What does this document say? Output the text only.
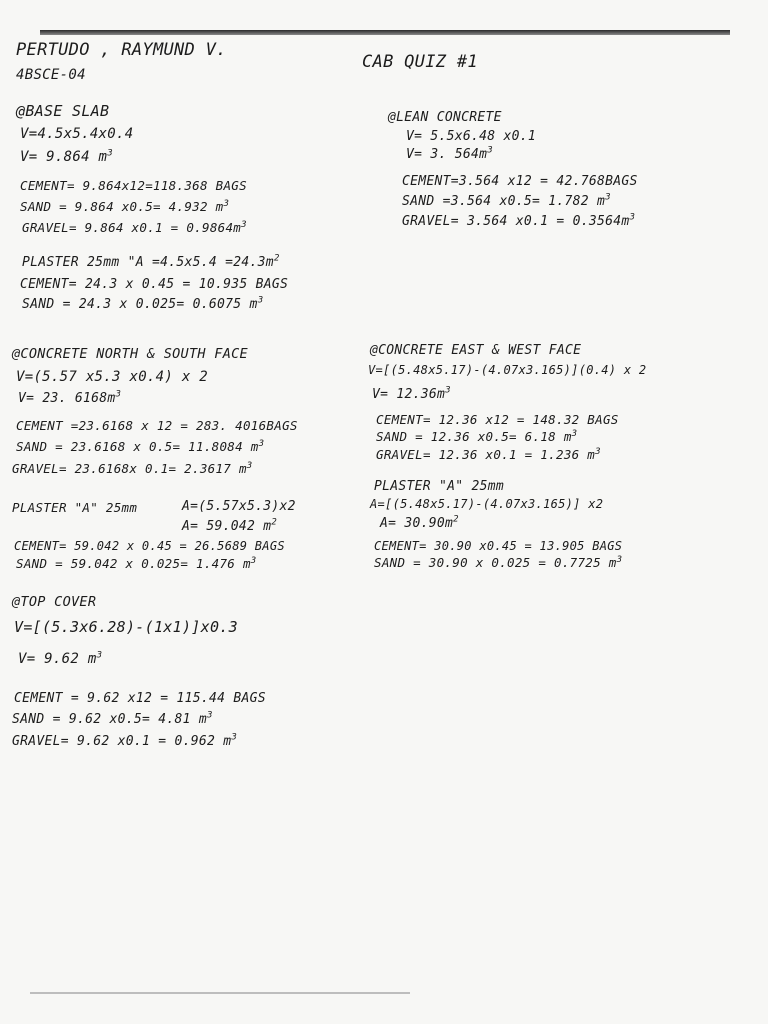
PERTUDO , RAYMUND V.
4BSCE-04
CAB QUIZ #1
@BASE SLAB
V=4.5x5.4x0.4
V= 9.864 $m^3$
CEMENT= 9.864x12=118.368 BAGS
SAND = 9.864 x0.5= 4.932 $m^3$
GRAVEL= 9.864 $x0.1 = 0.9864m^3$
PLASTER 25mm "$A =4.5x5.4 =24.3m^2$
CEMENT= 24.3 x 0.45 = 10.935 BAGS
SAND = 24.3 x 0.025= 0.6075 $m^3$
@LEAN CONCRETE
V= 5.5x6.48 x0.1
V= 3. $564m^3$
CEMENT=3.564 x12 = 42.768BAGS
SAND =3.564 x0.5= 1.782 $m^3$
GRAVEL= 3.564 $x0.1 = 0.3564m^3$
@CONCRETE NORTH & SOUTH FACE
V=(5.57 x5.3 x0.4) x 2
V= 23. $6168m^3$
CEMENT =23.6168 x 12 = 283. 4016BAGS
SAND = 23.6168 x 0.5= 11.8084 $m^3$
GRAVEL= 23.6168x 0.1= 2.3617 $m^3$
PLASTER "A" 25mm	A=(5.57x5.3)x2
A= 59.042 $m^2$
CEMENT= 59.042 x 0.45 = 26.5689 BAGS
SAND = 59.042 x 0.025= 1.476 $m^3$
@CONCRETE EAST & WEST FACE
V=[(5.48x5.17)-(4.07x3.165)](0.4) x 2
$V= 12.36m^3$
CEMENT= 12.36 x12 = 148.32 BAGS
SAND = 12.36 x0.5= 6.18 $m^3$
GRAVEL= 12.36 x0.1 = 1.236 $m^3$
PLASTER "A" 25mm
A=[(5.48x5.17)-(4.07x3.165)] x2
$A= 30.90m^2$
CEMENT= 30.90 x0.45 = 13.905 BAGS
SAND = 30.90 x 0.025 = 0.7725 $m^3$
@TOP COVER
V=[(5.3x6.28)-(1x1)]x0.3
V= 9.62 $m^3$
CEMENT = 9.62 x12 = 115.44 BAGS
SAND = 9.62 x0.5= 4.81 $m^3$
GRAVEL= 9.62 x0.1 = 0.962 $m^3$
